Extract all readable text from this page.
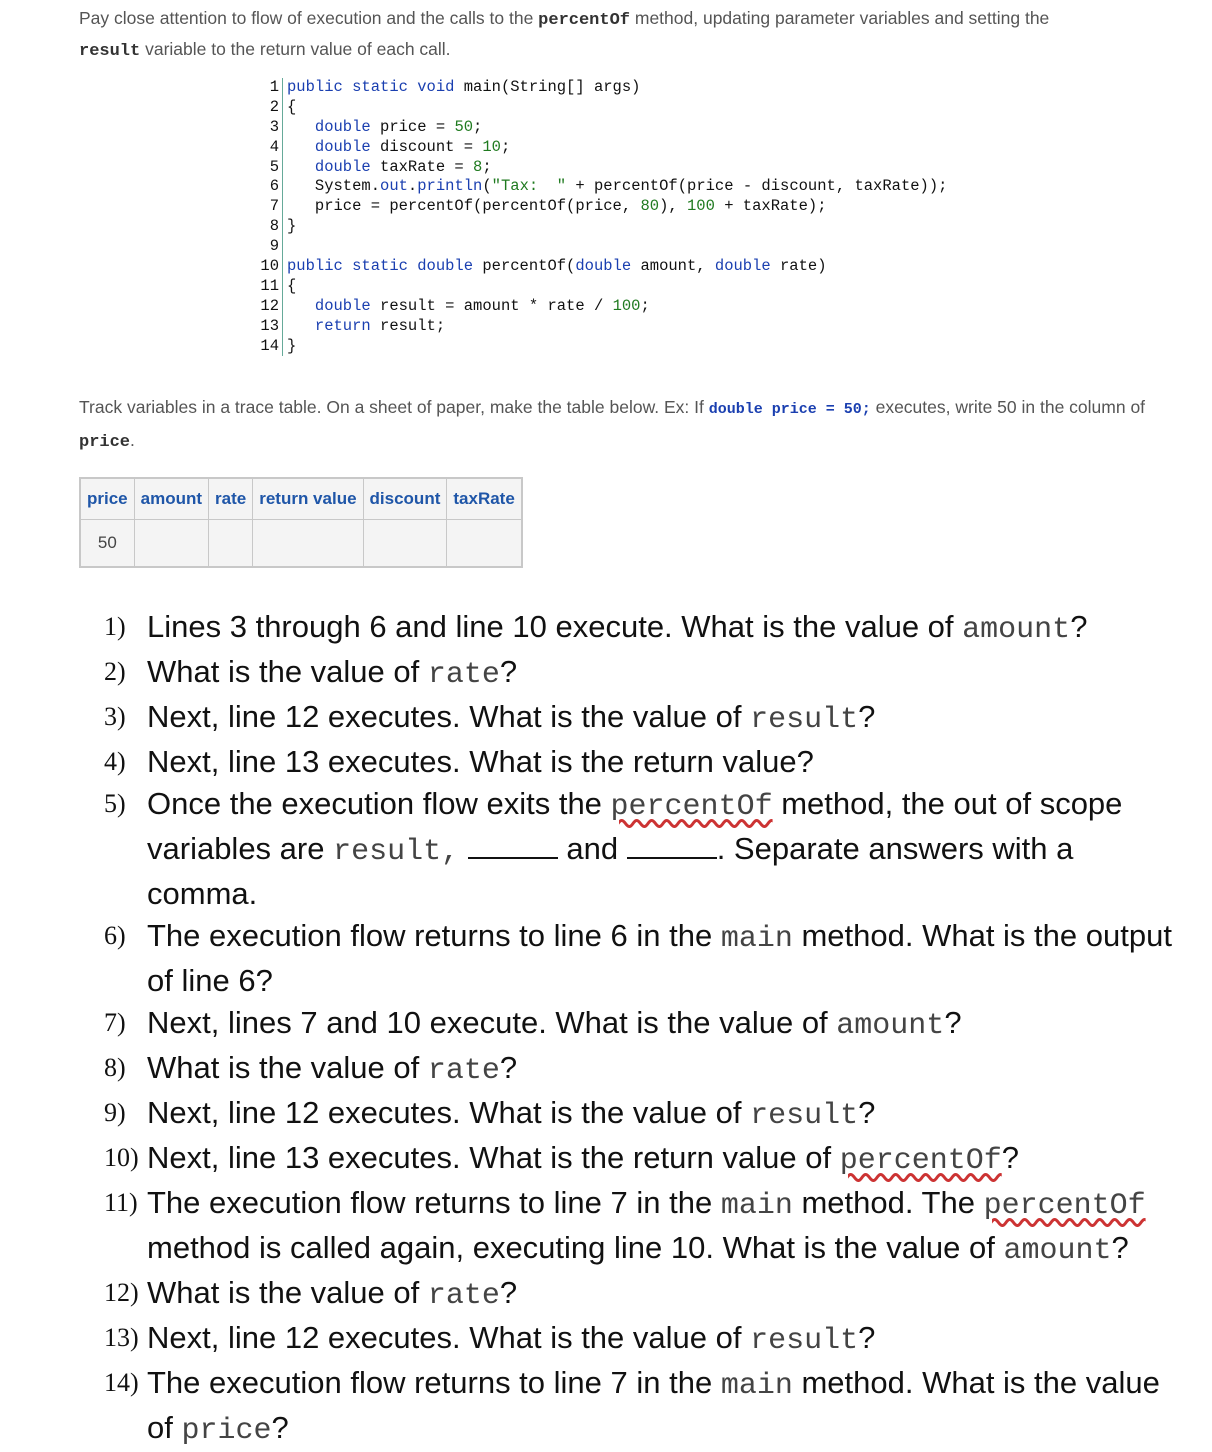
Pay close attention to flow of execution and the calls to the percentOf method, updating parameter variables and setting the
result variable to the return value of each call.
1 public static void main(String[] args)
2 {
3	double price = 50;
4	double discount = 10;
5	double taxRate = 8;
6 System.out.println("Tax:  " + percentOf(price - discount, taxRate));
7 price = percentOf(percentOf(price, 80), 100 + taxRate);
8 }
9
10 public static double percentOf(double amount, double rate)
11 {
12	double result = amount * rate / 100;
13	return result;
14 }
Track variables in a trace table. On a sheet of paper, make the table below. Ex: If double price = 50; executes, write 50 in the column of price.
price	amount	rate	return value	discount	taxRate
50					
1) Lines 3 through 6 and line 10 execute. What is the value of amount?
2) What is the value of rate?
3) Next, line 12 executes. What is the value of result?
4) Next, line 13 executes. What is the return value?
5) Once the execution flow exits the percentOf method, the out of scope variables are result,	and	. Separate answers with a comma.
6) The execution flow returns to line 6 in the main method. What is the output of line 6?
7) Next, lines 7 and 10 execute. What is the value of amount?
8) What is the value of rate?
9) Next, line 12 executes. What is the value of result?
10) Next, line 13 executes. What is the return value of percentOf?
11) The execution flow returns to line 7 in the main method. The percentOf method is called again, executing line 10. What is the value of amount?
12) What is the value of rate?
13) Next, line 12 executes. What is the value of result?
14) The execution flow returns to line 7 in the main method. What is the value of price?
